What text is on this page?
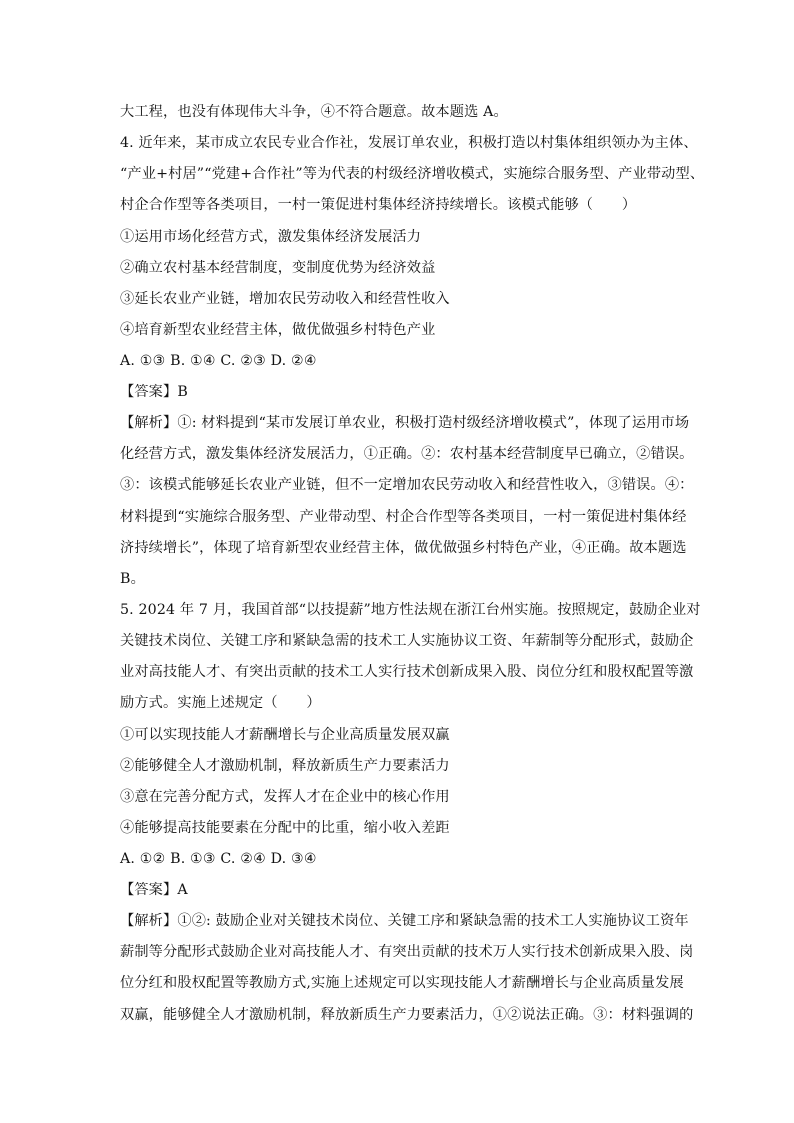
大工程，也没有体现伟大斗争，④不符合题意。故本题选 A。
4. 近年来，某市成立农民专业合作社，发展订单农业，积极打造以村集体组织领办为主体、
“产业+村居”“党建+合作社”等为代表的村级经济增收模式，实施综合服务型、产业带动型、
村企合作型等各类项目，一村一策促进村集体经济持续增长。该模式能够（　　）
①运用市场化经营方式，激发集体经济发展活力
②确立农村基本经营制度，变制度优势为经济效益
③延长农业产业链，增加农民劳动收入和经营性收入
④培育新型农业经营主体，做优做强乡村特色产业
A. ①③ B. ①④ C. ②③ D. ②④
【答案】B
【解析】①: 材料提到“某市发展订单农业，积极打造村级经济增收模式”，体现了运用市场
化经营方式，激发集体经济发展活力，①正确。②：农村基本经营制度早已确立，②错误。
③：该模式能够延长农业产业链，但不一定增加农民劳动收入和经营性收入，③错误。④：
材料提到“实施综合服务型、产业带动型、村企合作型等各类项目，一村一策促进村集体经
济持续增长”，体现了培育新型农业经营主体，做优做强乡村特色产业，④正确。故本题选
B。
5. 2024 年 7 月，我国首部“以技提薪”地方性法规在浙江台州实施。按照规定，鼓励企业对
关键技术岗位、关键工序和紧缺急需的技术工人实施协议工资、年薪制等分配形式，鼓励企
业对高技能人才、有突出贡献的技术工人实行技术创新成果入股、岗位分红和股权配置等激
励方式。实施上述规定（　　）
①可以实现技能人才薪酬增长与企业高质量发展双赢
②能够健全人才激励机制，释放新质生产力要素活力
③意在完善分配方式，发挥人才在企业中的核心作用
④能够提高技能要素在分配中的比重，缩小收入差距
A. ①② B. ①③ C. ②④ D. ③④
【答案】A
【解析】①②: 鼓励企业对关键技术岗位、关键工序和紧缺急需的技术工人实施协议工资年
薪制等分配形式鼓励企业对高技能人才、有突出贡献的技术万人实行技术创新成果入股、岗
位分红和股权配置等教励方式,实施上述规定可以实现技能人才薪酬增长与企业高质量发展
双赢，能够健全人才激励机制，释放新质生产力要素活力，①②说法正确。③：材料强调的
